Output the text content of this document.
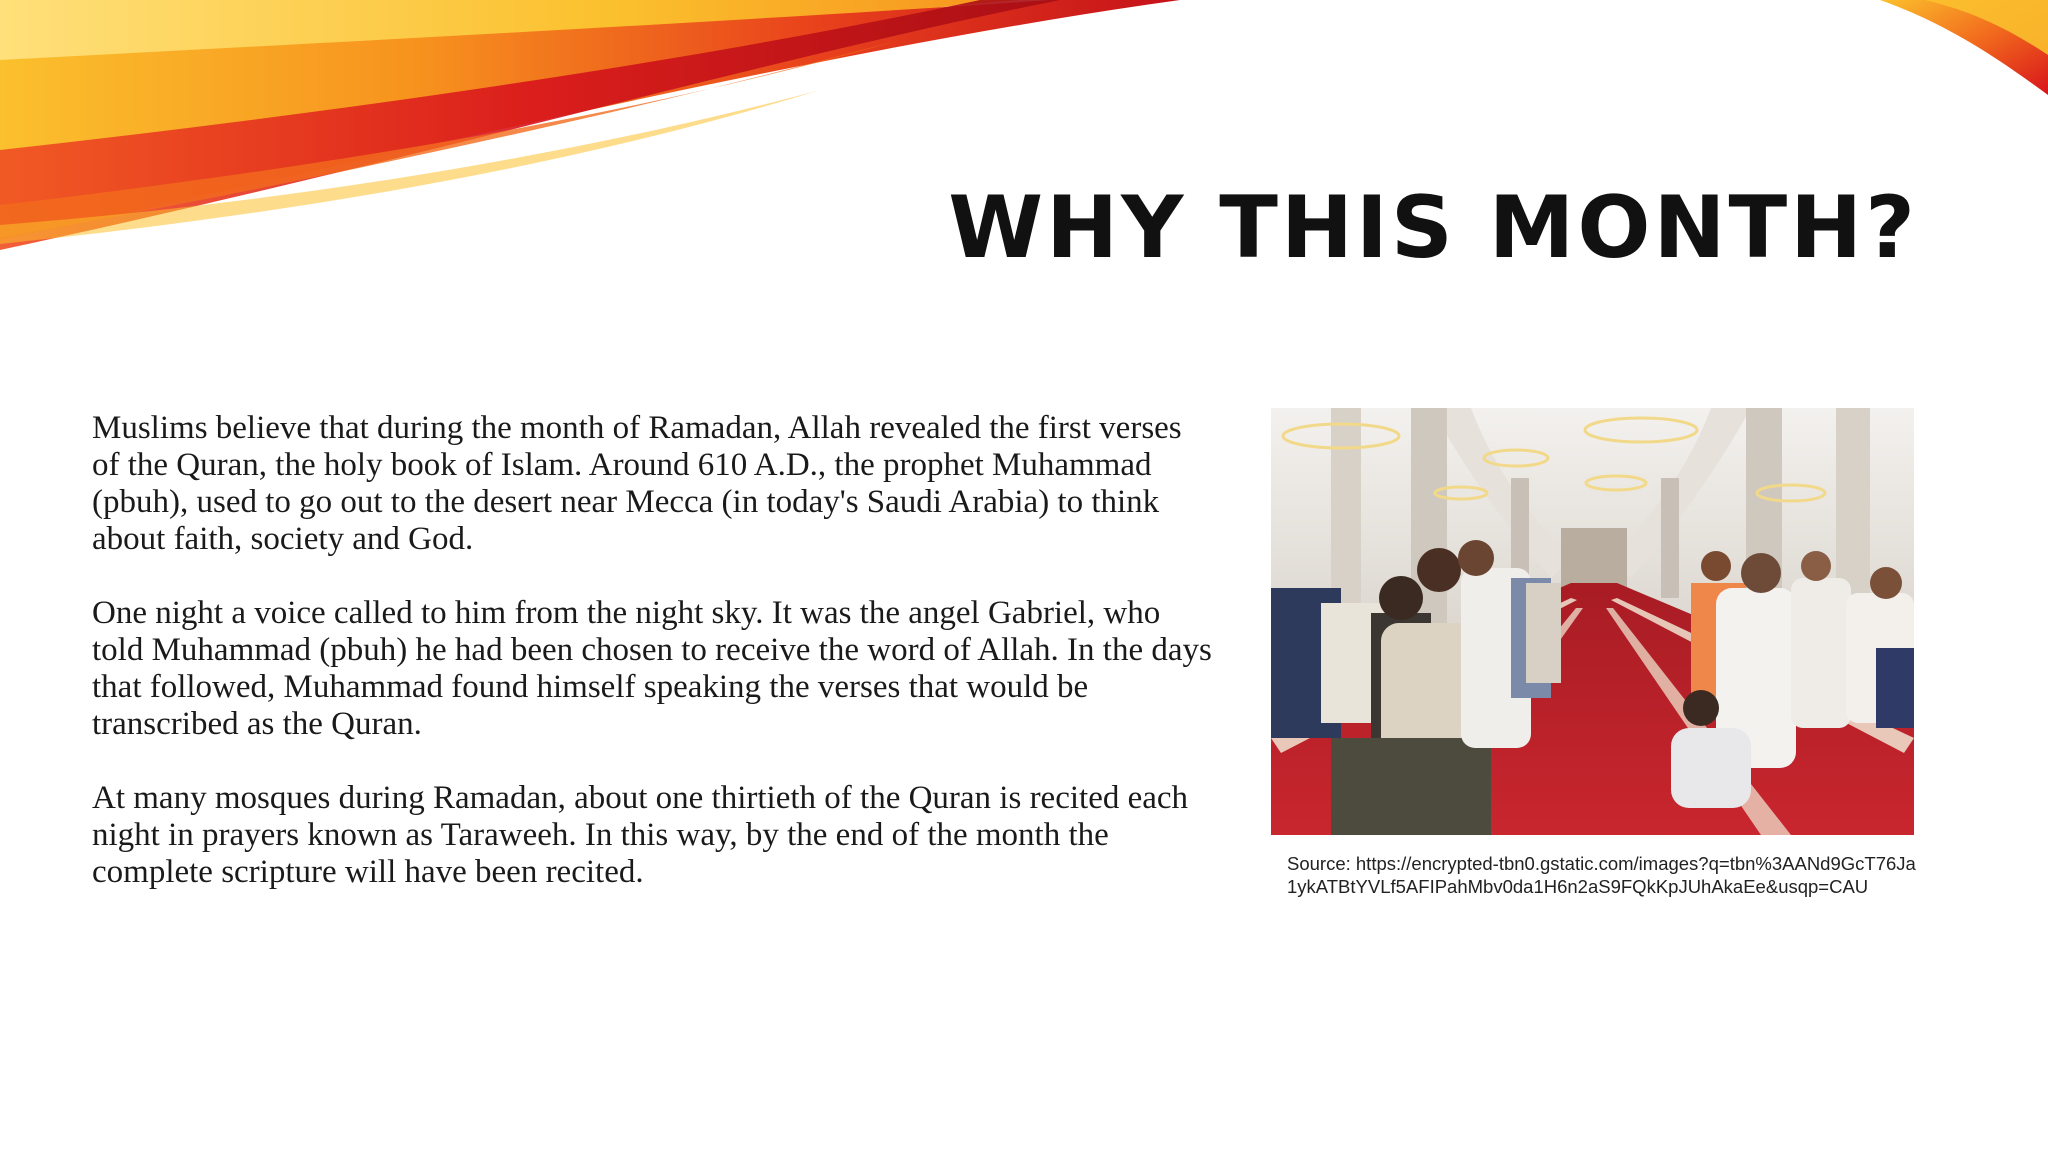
WHY THIS MONTH?

Muslims believe that during the month of Ramadan, Allah revealed the first verses of the Quran, the holy book of Islam. Around 610 A.D., the prophet Muhammad (pbuh), used to go out to the desert near Mecca (in today's Saudi Arabia) to think about faith, society and God.

One night a voice called to him from the night sky. It was the angel Gabriel, who told Muhammad (pbuh) he had been chosen to receive the word of Allah. In the days that followed, Muhammad found himself speaking the verses that would be transcribed as the Quran.

At many mosques during Ramadan, about one thirtieth of the Quran is recited each night in prayers known as Taraweeh. In this way, by the end of the month the complete scripture will have been recited.	Source: https://encrypted-tbn0.gstatic.com/images?q=tbn%3AANd9GcT76Ja1ykATBtYVLf5AFIPahMbv0da1H6n2aS9FQkKpJUhAkaEe&usqp=CAU
